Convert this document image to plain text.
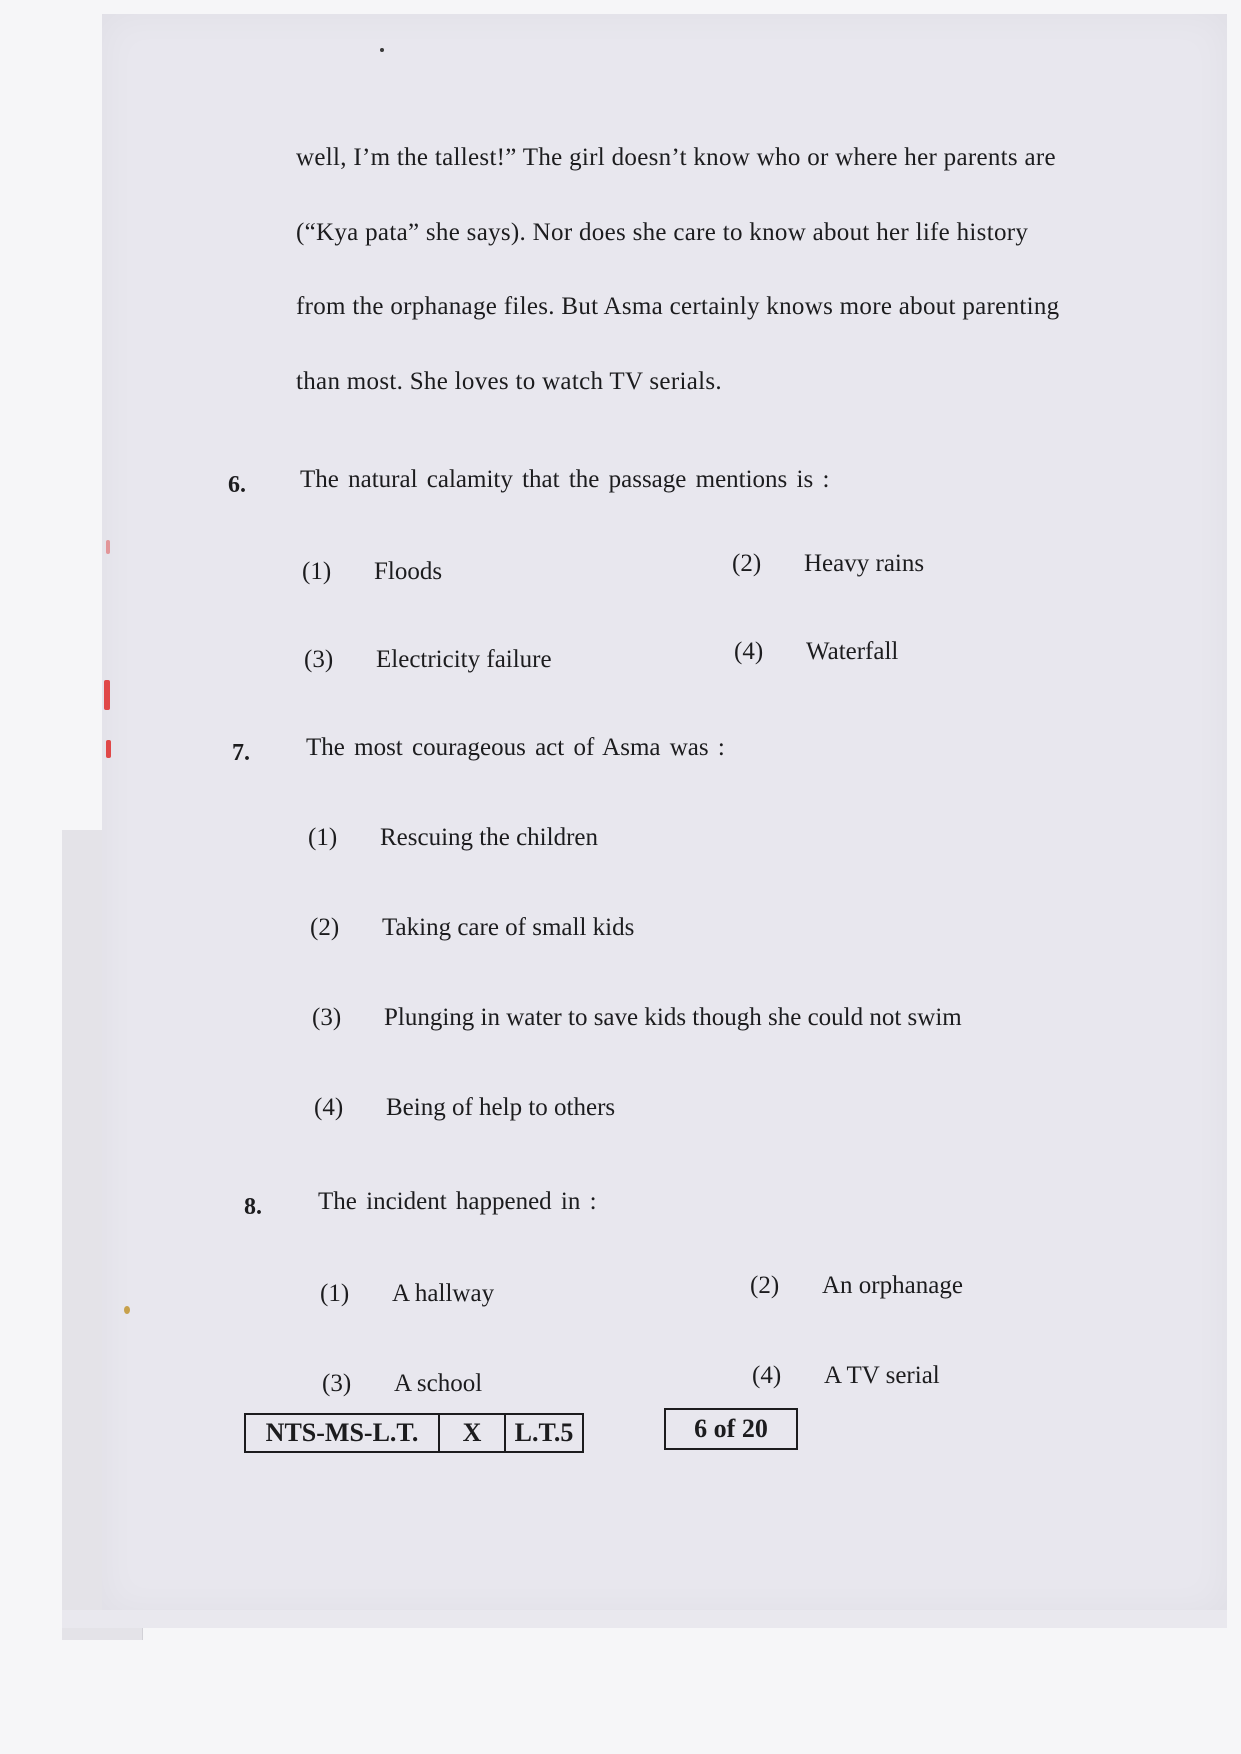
well, I’m the tallest!” The girl doesn’t know who or where her parents are
(“Kya pata” she says). Nor does she care to know about her life history
from the orphanage files. But Asma certainly knows more about parenting
than most. She loves to watch TV serials.
6. The natural calamity that the passage mentions is :
(1) Floods	(2) Heavy rains
(3) Electricity failure	(4) Waterfall
7. The most courageous act of Asma was :
(1) Rescuing the children
(2) Taking care of small kids
(3) Plunging in water to save kids though she could not swim
(4) Being of help to others
8. The incident happened in :
(1) A hallway	(2) An orphanage
(3) A school	(4) A TV serial
NTS-MS-L.T.	X	L.T.5	6 of 20
